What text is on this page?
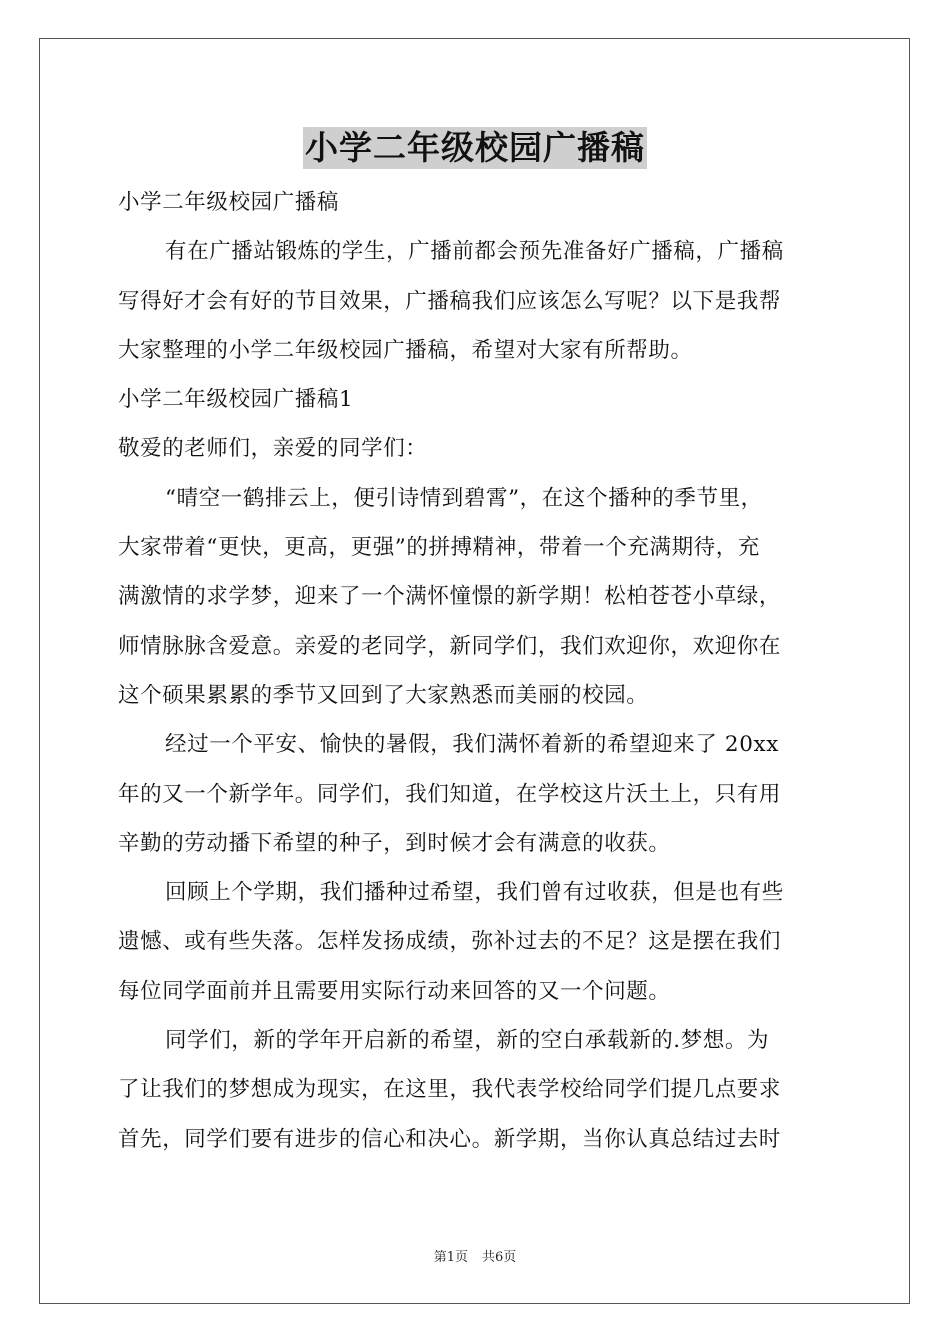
小学二年级校园广播稿
小学二年级校园广播稿
有在广播站锻炼的学生，广播前都会预先准备好广播稿，广播稿
写得好才会有好的节目效果，广播稿我们应该怎么写呢？以下是我帮
大家整理的小学二年级校园广播稿，希望对大家有所帮助。
小学二年级校园广播稿1
敬爱的老师们，亲爱的同学们：
“晴空一鹤排云上，便引诗情到碧霄”，在这个播种的季节里，
大家带着“更快，更高，更强”的拼搏精神，带着一个充满期待，充
满激情的求学梦，迎来了一个满怀憧憬的新学期！松柏苍苍小草绿，
师情脉脉含爱意。亲爱的老同学，新同学们，我们欢迎你，欢迎你在
这个硕果累累的季节又回到了大家熟悉而美丽的校园。
经过一个平安、愉快的暑假，我们满怀着新的希望迎来了 20xx
年的又一个新学年。同学们，我们知道，在学校这片沃土上，只有用
辛勤的劳动播下希望的种子，到时候才会有满意的收获。
回顾上个学期，我们播种过希望，我们曾有过收获，但是也有些
遗憾、或有些失落。怎样发扬成绩，弥补过去的不足？这是摆在我们
每位同学面前并且需要用实际行动来回答的又一个问题。
同学们，新的学年开启新的希望，新的空白承载新的.梦想。为
了让我们的梦想成为现实，在这里，我代表学校给同学们提几点要求
首先，同学们要有进步的信心和决心。新学期，当你认真总结过去时
第1页 共6页
